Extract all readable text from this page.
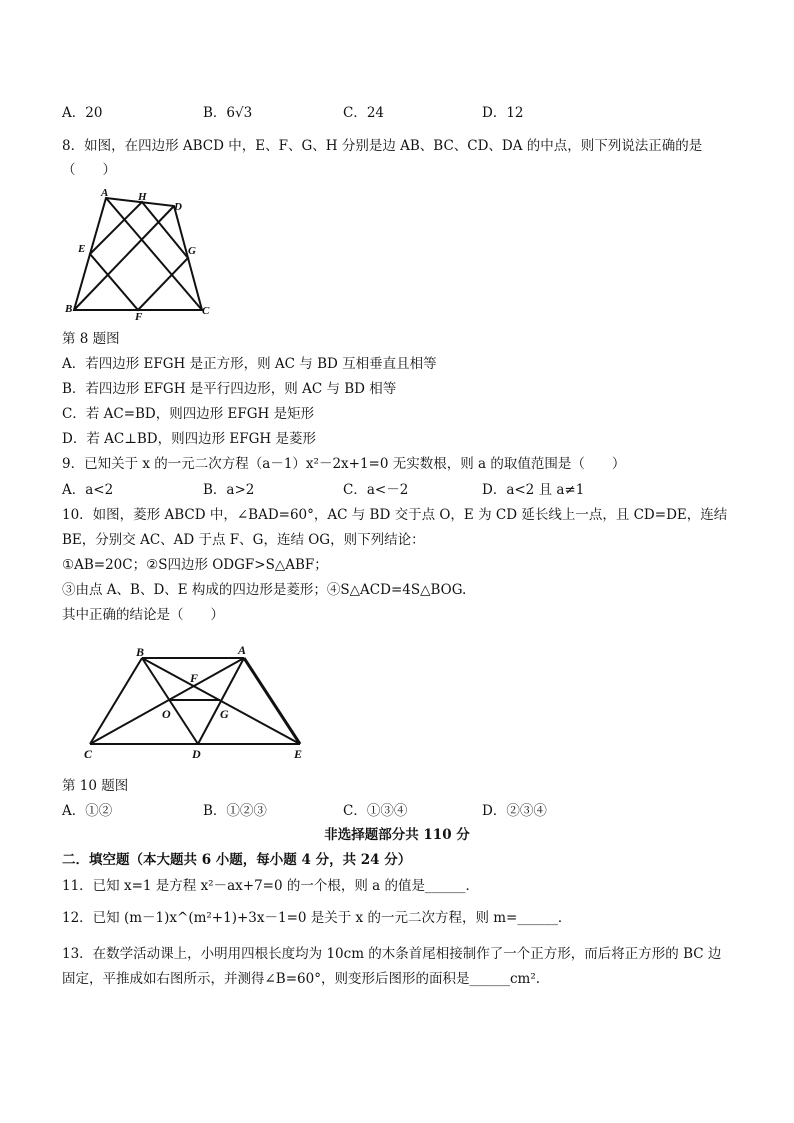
A．20	B．6√3	C．24	D．12
8．如图，在四边形 ABCD 中，E、F、G、H 分别是边 AB、BC、CD、DA 的中点，则下列说法正确的是
（　　）
A	H
D
E	G
B
F	C
第 8 题图
A．若四边形 EFGH 是正方形，则 AC 与 BD 互相垂直且相等
B．若四边形 EFGH 是平行四边形，则 AC 与 BD 相等
C．若 AC=BD，则四边形 EFGH 是矩形
D．若 AC⊥BD，则四边形 EFGH 是菱形
9．已知关于 x 的一元二次方程（a－1）x²－2x+1=0 无实数根，则 a 的取值范围是（　　）
A．a<2	B．a>2	C．a<－2	D．a<2 且 a≠1
10．如图，菱形 ABCD 中，∠BAD=60°，AC 与 BD 交于点 O，E 为 CD 延长线上一点，且 CD=DE，连结
BE，分别交 AC、AD 于点 F、G，连结 OG，则下列结论：
①AB=20C；②S四边形 ODGF>S△ABF；
③由点 A、B、D、E 构成的四边形是菱形；④S△ACD=4S△BOG.
其中正确的结论是（　　）
B	A
F
O	G
C	D	E
第 10 题图
A．①②	B．①②③	C．①③④	D．②③④
非选择题部分共 110 分
二．填空题（本大题共 6 小题，每小题 4 分，共 24 分）
11．已知 x=1 是方程 x²－ax+7=0 的一个根，则 a 的值是______．
12．已知 (m－1)x^(m²+1)+3x－1=0 是关于 x 的一元二次方程，则 m=______．
13．在数学活动课上，小明用四根长度均为 10cm 的木条首尾相接制作了一个正方形，而后将正方形的 BC 边
固定，平推成如右图所示，并测得∠B=60°，则变形后图形的面积是______cm².
